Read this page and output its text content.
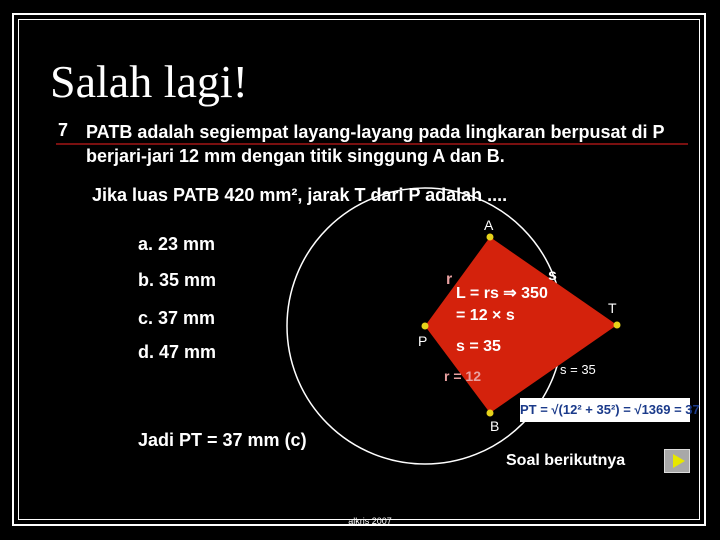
Salah lagi!
7 PATB adalah segiempat layang-layang pada lingkaran berpusat di P berjari-jari 12 mm dengan titik singgung A dan B.
Jika luas PATB 420 mm², jarak T dari P adalah ....
a. 23 mm
b. 35 mm
c. 37 mm
d. 47 mm
Jadi PT = 37 mm (c)
A
P
T
B
r	s
L = rs ⇒ 350
= 12 × s
s = 35
r = 12	s = 35
PT = √(12² + 35²) = √1369 = 37
Soal berikutnya
alkris 2007
